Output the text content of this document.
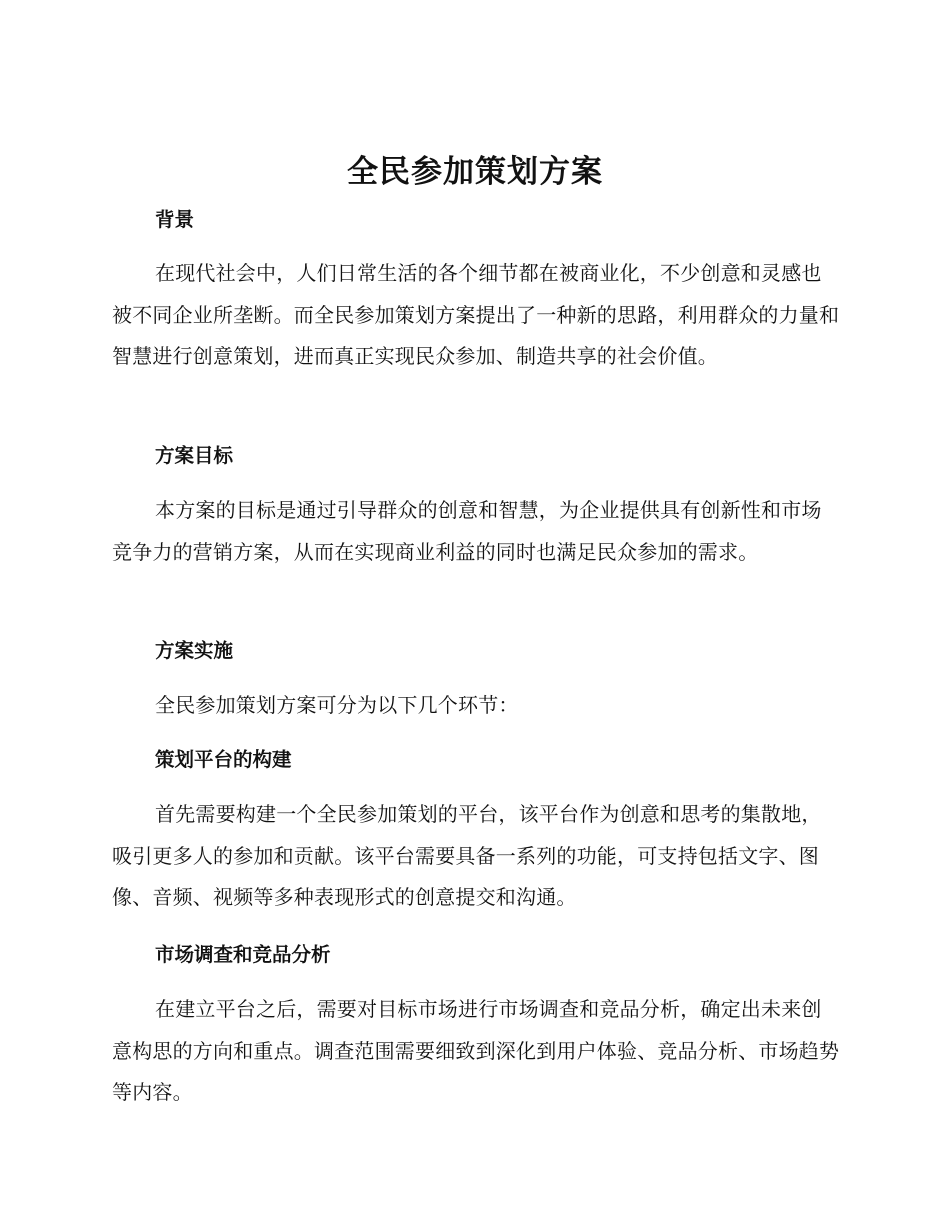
全民参加策划方案
背景

在现代社会中，人们日常生活的各个细节都在被商业化，不少创意和灵感也被不同企业所垄断。而全民参加策划方案提出了一种新的思路，利用群众的力量和智慧进行创意策划，进而真正实现民众参加、制造共享的社会价值。

方案目标

本方案的目标是通过引导群众的创意和智慧，为企业提供具有创新性和市场竞争力的营销方案，从而在实现商业利益的同时也满足民众参加的需求。

方案实施

全民参加策划方案可分为以下几个环节：

策划平台的构建

首先需要构建一个全民参加策划的平台，该平台作为创意和思考的集散地，吸引更多人的参加和贡献。该平台需要具备一系列的功能，可支持包括文字、图像、音频、视频等多种表现形式的创意提交和沟通。

市场调查和竞品分析

在建立平台之后，需要对目标市场进行市场调查和竞品分析，确定出未来创意构思的方向和重点。调查范围需要细致到深化到用户体验、竞品分析、市场趋势等内容。
